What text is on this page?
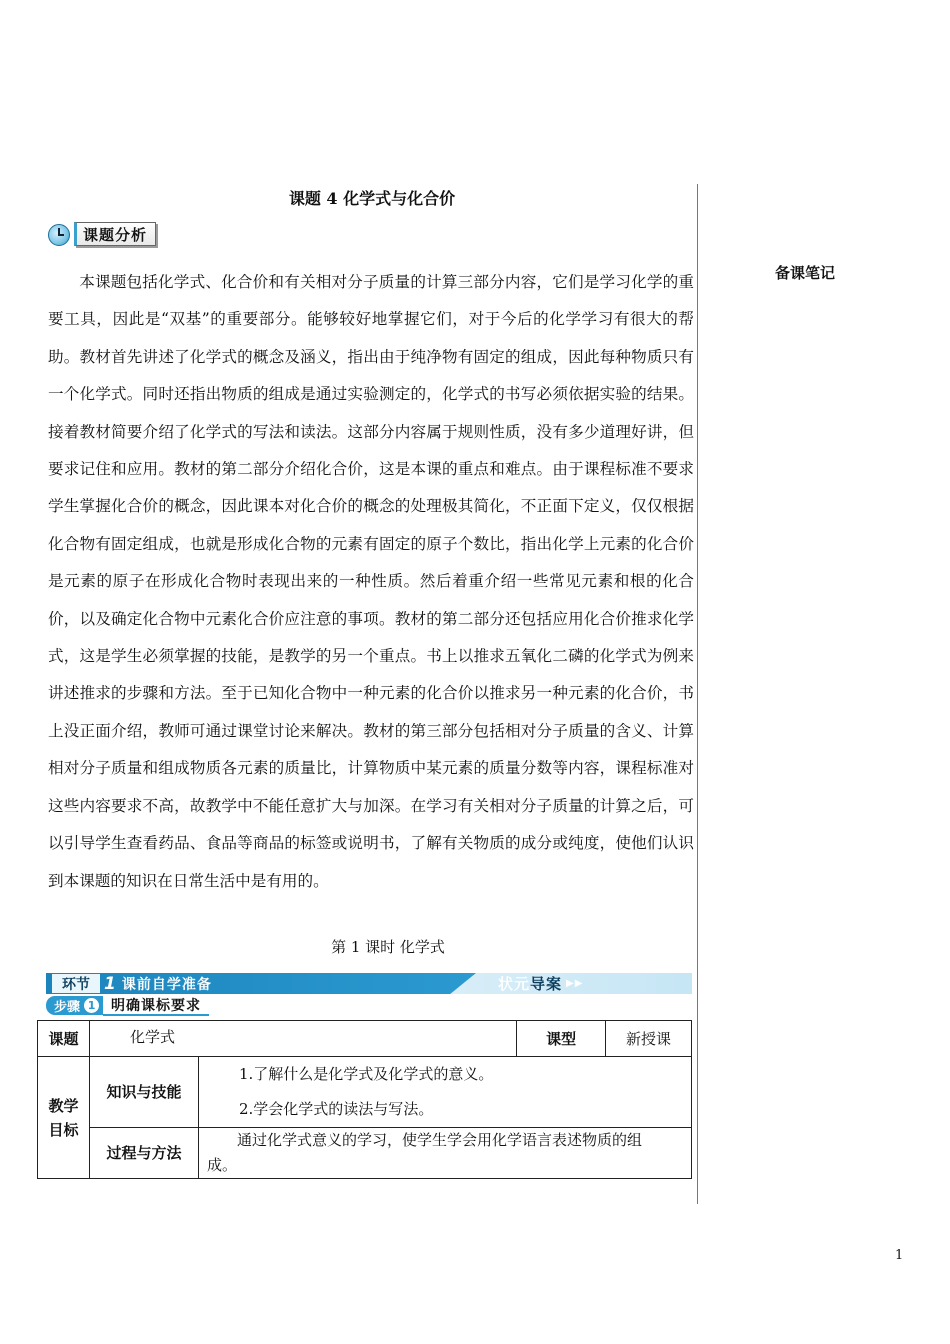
课题 4 化学式与化合价
备课笔记
课题分析

本课题包括化学式、化合价和有关相对分子质量的计算三部分内容，它们是学习化学的重要工具，因此是“双基”的重要部分。能够较好地掌握它们，对于今后的化学学习有很大的帮助。教材首先讲述了化学式的概念及涵义，指出由于纯净物有固定的组成，因此每种物质只有一个化学式。同时还指出物质的组成是通过实验测定的，化学式的书写必须依据实验的结果。接着教材简要介绍了化学式的写法和读法。这部分内容属于规则性质，没有多少道理好讲，但要求记住和应用。教材的第二部分介绍化合价，这是本课的重点和难点。由于课程标准不要求学生掌握化合价的概念，因此课本对化合价的概念的处理极其简化，不正面下定义，仅仅根据化合物有固定组成，也就是形成化合物的元素有固定的原子个数比，指出化学上元素的化合价是元素的原子在形成化合物时表现出来的一种性质。然后着重介绍一些常见元素和根的化合价，以及确定化合物中元素化合价应注意的事项。教材的第二部分还包括应用化合价推求化学式，这是学生必须掌握的技能，是教学的另一个重点。书上以推求五氧化二磷的化学式为例来讲述推求的步骤和方法。至于已知化合物中一种元素的化合价以推求另一种元素的化合价，书上没正面介绍，教师可通过课堂讨论来解决。教材的第三部分包括相对分子质量的含义、计算相对分子质量和组成物质各元素的质量比，计算物质中某元素的质量分数等内容，课程标准对这些内容要求不高，故教学中不能任意扩大与加深。在学习有关相对分子质量的计算之后，可以引导学生查看药品、食品等商品的标签或说明书，了解有关物质的成分或纯度，使他们认识到本课题的知识在日常生活中是有用的。

第 1 课时 化学式
环节 1 课前自学准备	状元 导案 ▶▶
步骤 1	明确课标要求
课题	化学式		课型	新授课
教学目标	知识与技能	1.了解什么是化学式及化学式的意义。
2.学会化学式的读法与写法。		

	过程与方法	通过化学式意义的学习，使学生学会用化学语言表述物质的组成。		
1
